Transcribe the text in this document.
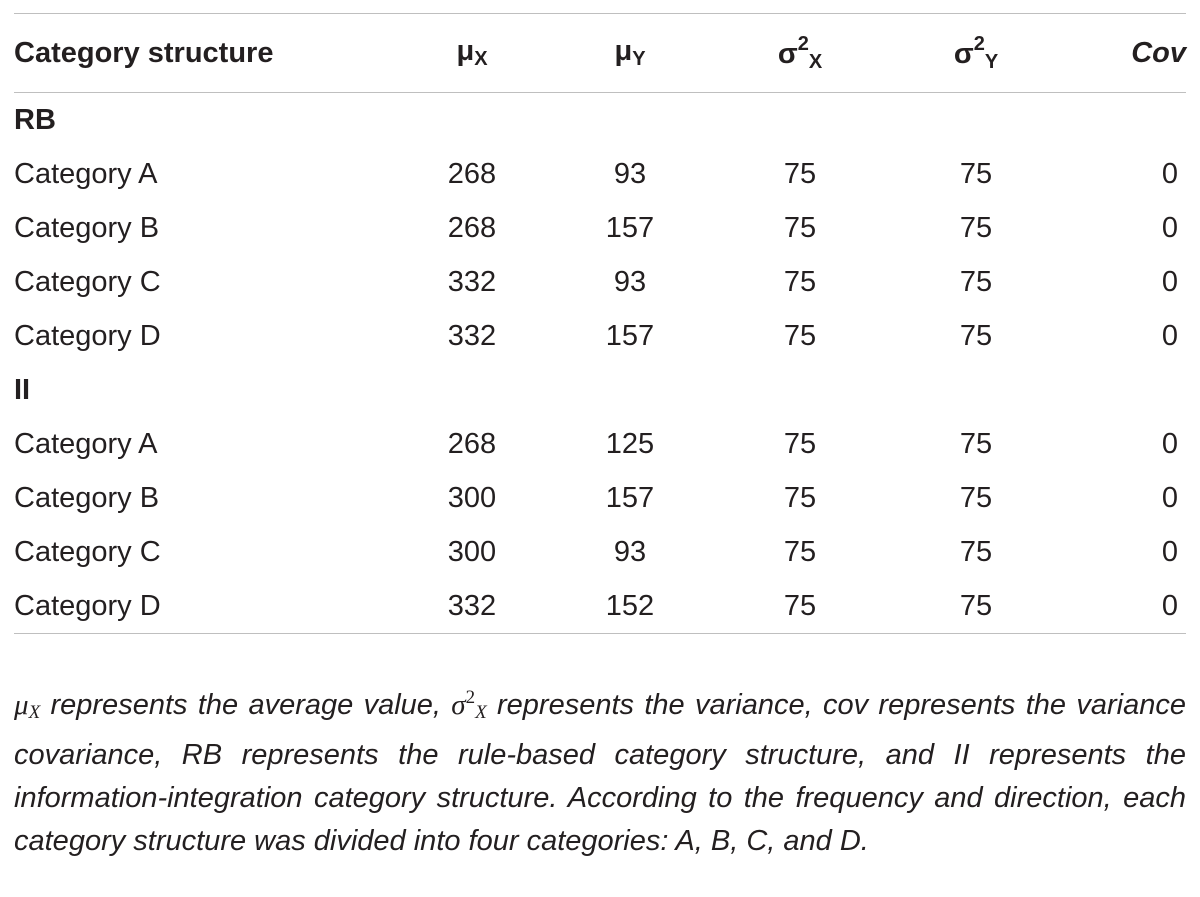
Category structure	$\mu_X$	$\mu_Y$	$\sigma^2_X$	$\sigma^2_Y$	Cov

RB					
Category A	268	93	75	75	0
Category B	268	157	75	75	0
Category C	332	93	75	75	0
Category D	332	157	75	75	0
II					
Category A	268	125	75	75	0
Category B	300	157	75	75	0
Category C	300	93	75	75	0
Category D	332	152	75	75	0
$\mu_X$ represents the average value, $\sigma^2_X$ represents the variance, cov represents the variance covariance, RB represents the rule-based category structure, and II represents the information-integration category structure. According to the frequency and direction, each category structure was divided into four categories: A, B, C, and D.
